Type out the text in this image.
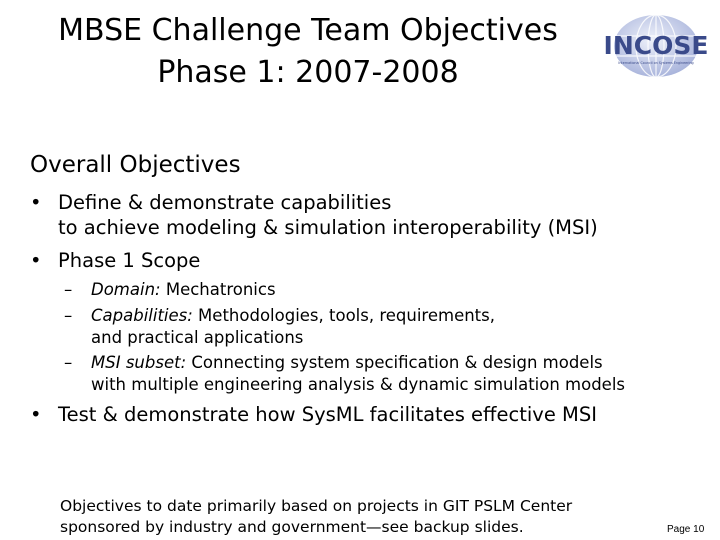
MBSE Challenge Team Objectives
Phase 1: 2007-2008
INCOSE
International Council on Systems Engineering
Overall Objectives
• Define & demonstrate capabilities
to achieve modeling & simulation interoperability (MSI)
• Phase 1 Scope
– Domain: Mechatronics
– Capabilities: Methodologies, tools, requirements,
and practical applications
– MSI subset: Connecting system specification & design models
with multiple engineering analysis & dynamic simulation models
• Test & demonstrate how SysML facilitates effective MSI
Objectives to date primarily based on projects in GIT PSLM Center
sponsored by industry and government—see backup slides.	Page 10
